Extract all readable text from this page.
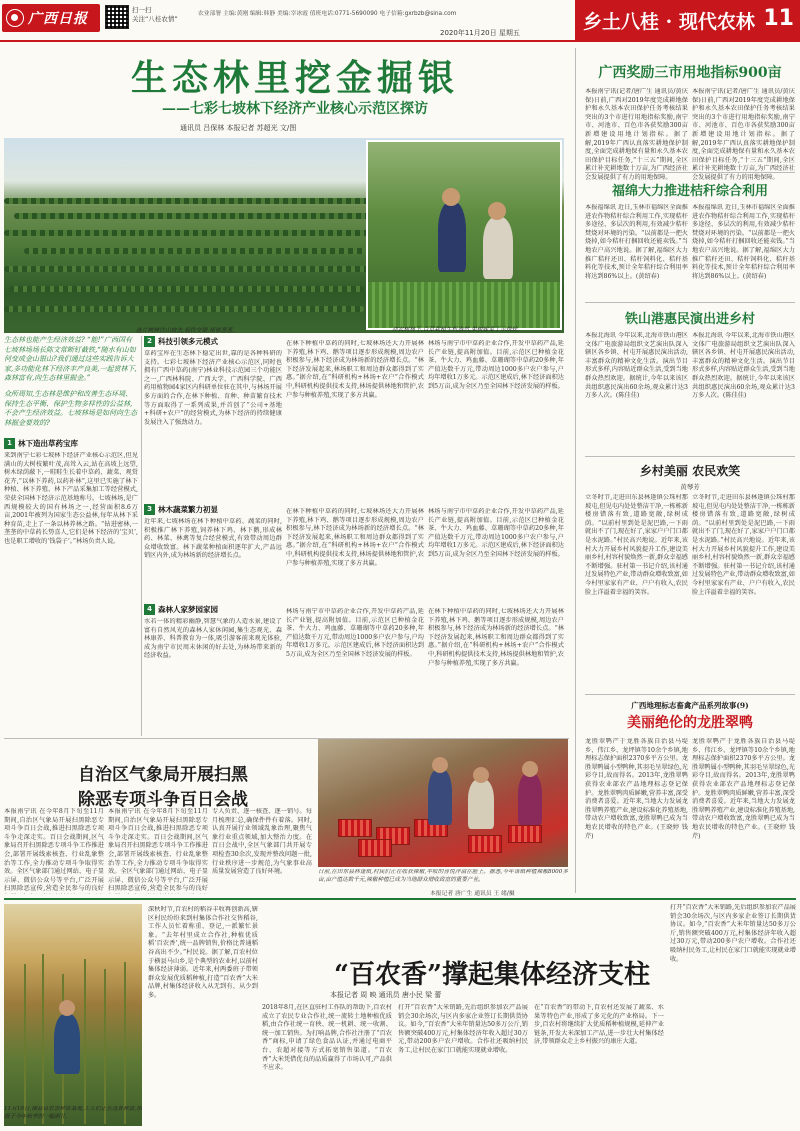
广西日报
扫一扫
关注“八桂农情”
农业部署 主编:黄刚 编辑:韩静 美编:宰冰霞 值班电话:0771-5690090 电子信箱:gxrbzb@sina.com
2020年11月20日 星期五	乡土八桂 · 现代农林 11
生态林里挖金掘银
——七彩七坡林下经济产业核心示范区探访
通讯员 吕保林 本报记者 苏超光 文/图
连片树林往山坡去,起伏交错,郁郁葱葱。	冲农树林下,百草栽植生机盎然,果树嫁菜丁示规轮。
生态林也能产生经济效益? “能!”广西国有七坡林场场长陈文常断钉截铁,“随水有山如何变成金山银山?我们通过这些实践告诉大家,多功能化林下经济丰产良美,一起赏林下,森林富有,向生态林里掘金。”
众所周知,生态林是维护和改善生态环境、保持生态平衡、保护生物多样性的公益林,不会产生经济效益。七坡林场是如何向生态林掘金要效的?
1 林下造出草药宝库
来到南宁七彩七坡林下经济产业核心示范区,但见满山的大树枝繁叶茂,高耸入云,站在高坡上远望,树木绿荫蔽下,一畦畦生长着中草药、蔬菜、观赏花卉,“以林下养药,以药补林”,这里已实施了林下种植、林下养殖、林下产品采集加工等经营模式,荣获全国林下经济示范基地称号。七坡林场,是广西规模较大的国有林场之一,经营面积8.6万亩,2001年被列为国家生态公益林,每年从林下采种育苗,走上了一条以林养林之路。“钻进密林,一垄垄的中草药长势喜人,它们是林下经济的‘宝贝’,也是职工增收的‘钱袋子’。”林场负责人说。
2 科技引领多元模式
草药宝库在生态林下稳定出世,靠的是各种科研的支持。七彩七坡林下经济产业核心示范区,同时也拥有广西中草药(南宁)林业科技示范园三个功能区之一,广西林科院、广西大学、广西科学院、广西药用植物园4家区内科研单位驻在其中,与林场开展多方面的合作,在林下种植、育种、种苗繁育技术等方面取得了一系列成果,并首创了“公司+基地+科研+农户”的经营模式,为林下经济的持续健康发展注入了强劲动力。
在林下种植中草药的同时,七坡林场还大力开展林下养殖,林下鸡、鹅等项目逐步形成规模,周边农户积极参与,林下经济成为林场新的经济增长点。“林下经济发展起来,林场职工和周边群众都得到了实惠。”据介绍,在“科研机构+林场+农户”合作模式中,科研机构提供技术支持,林场提供林地和管护,农户参与种植养殖,实现了多方共赢。
林场与南宁市中草药企业合作,开发中草药产品,延长产业链,提高附加值。目前,示范区已种植金花茶、牛大力、鸡血藤、草珊瑚等中草药20多种,年产值达数千万元,带动周边1000多户农户参与,户均年增收1万多元。示范区建成后,林下经济面积达到5万亩,成为全区乃至全国林下经济发展的样板。
3 林木蔬菜繁力初显
近年来,七坡林场在林下种植中草药、蔬菜的同时,积极推广林下养殖,饲养林下鸡、林下鹅,形成林药、林菜、林禽等复合经营模式,有效带动周边群众增收致富。林下蔬菜种植面积逐年扩大,产品远销区内外,成为林场新的经济增长点。
在林下种植中草药的同时,七坡林场还大力开展林下养殖,林下鸡、鹅等项目逐步形成规模,周边农户积极参与,林下经济成为林场新的经济增长点。“林下经济发展起来,林场职工和周边群众都得到了实惠。”据介绍,在“科研机构+林场+农户”合作模式中,科研机构提供技术支持,林场提供林地和管护,农户参与种植养殖,实现了多方共赢。
林场与南宁市中草药企业合作,开发中草药产品,延长产业链,提高附加值。目前,示范区已种植金花茶、牛大力、鸡血藤、草珊瑚等中草药20多种,年产值达数千万元,带动周边1000多户农户参与,户均年增收1万多元。示范区建成后,林下经济面积达到5万亩,成为全区乃至全国林下经济发展的样板。
4 森林人家梦园家园
水若一体的精彩幽静,智慧气象的人造水景,建设了富有自然风光的森林人家休闲园,集生态观光、森林康养、科普教育为一体,吸引游客前来观光体验,成为南宁市民周末休闲的好去处,为林场带来新的经济收益。
林场与南宁市中草药企业合作,开发中草药产品,延长产业链,提高附加值。目前,示范区已种植金花茶、牛大力、鸡血藤、草珊瑚等中草药20多种,年产值达数千万元,带动周边1000多户农户参与,户均年增收1万多元。示范区建成后,林下经济面积达到5万亩,成为全区乃至全国林下经济发展的样板。
在林下种植中草药的同时,七坡林场还大力开展林下养殖,林下鸡、鹅等项目逐步形成规模,周边农户积极参与,林下经济成为林场新的经济增长点。“林下经济发展起来,林场职工和周边群众都得到了实惠。”据介绍,在“科研机构+林场+农户”合作模式中,科研机构提供技术支持,林场提供林地和管护,农户参与种植养殖,实现了多方共赢。
广西奖励三市用地指标900亩
本报南宁讯(记者/唐广生 通讯员/黄庆保)日前,广西对2019年度完成耕地保护和永久基本农田保护任务考核结果突出的3个市进行用地指标奖励,南宁市、河池市、百色市各获奖励300亩新增建设用地计划指标。据了解,2019年广西认真落实耕地保护制度,全面完成耕地保有量和永久基本农田保护目标任务,“十三五”期间,全区累计补充耕地数十万亩,为广西经济社会发展提供了有力的用地保障。
本报南宁讯(记者/唐广生 通讯员/黄庆保)日前,广西对2019年度完成耕地保护和永久基本农田保护任务考核结果突出的3个市进行用地指标奖励,南宁市、河池市、百色市各获奖励300亩新增建设用地计划指标。据了解,2019年广西认真落实耕地保护制度,全面完成耕地保有量和永久基本农田保护目标任务,“十三五”期间,全区累计补充耕地数十万亩,为广西经济社会发展提供了有力的用地保障。
福绵大力推进桔秆综合利用
本报福绵讯 近日,玉林市福绵区全面推进农作物秸秆综合利用工作,实现秸秆多途径、多层次的利用,有效减少秸秆焚烧对环境的污染。“以前都是一把火烧掉,如今秸秆打捆回收还能卖钱。”当地农户高兴地说。据了解,福绵区大力推广秸秆还田、秸秆饲料化、秸秆基料化等技术,预计全年秸秆综合利用率将达到86%以上。(黄绍春)
本报福绵讯 近日,玉林市福绵区全面推进农作物秸秆综合利用工作,实现秸秆多途径、多层次的利用,有效减少秸秆焚烧对环境的污染。“以前都是一把火烧掉,如今秸秆打捆回收还能卖钱。”当地农户高兴地说。据了解,福绵区大力推广秸秆还田、秸秆饲料化、秸秆基料化等技术,预计全年秸秆综合利用率将达到86%以上。(黄绍春)
铁山港惠民演出进乡村
本报北海讯 今年以来,北海市铁山港区文体广电旅游局组织文艺演出队深入辖区各乡镇、村屯开展惠民演出活动,丰富群众的精神文化生活。演出节目形式多样,内容贴近群众生活,受到当地群众热烈欢迎。据统计,今年以来该区共组织惠民演出60余场,观众累计达3万多人次。(陈佳佳)
本报北海讯 今年以来,北海市铁山港区文体广电旅游局组织文艺演出队深入辖区各乡镇、村屯开展惠民演出活动,丰富群众的精神文化生活。演出节目形式多样,内容贴近群众生活,受到当地群众热烈欢迎。据统计,今年以来该区共组织惠民演出60余场,观众累计达3万多人次。(陈佳佳)
乡村美丽 农民欢笑
黄琴芳
立冬时节,走进田东县林逢镇公珠村那坡屯,但见屯内处处整洁干净,一栋栋新楼房错落有致,道路宽敞,绿树成荫。“以前村里到处是泥巴路,一下雨就出不了门,现在好了,家家户户门口都是水泥路。”村民高兴地说。近年来,该村大力开展乡村风貌提升工作,建设美丽乡村,村容村貌焕然一新,群众幸福感不断增强。驻村第一书记介绍,该村通过发展特色产业,带动群众增收致富,如今村里家家有产业、户户有收入,农民脸上洋溢着幸福的笑容。
立冬时节,走进田东县林逢镇公珠村那坡屯,但见屯内处处整洁干净,一栋栋新楼房错落有致,道路宽敞,绿树成荫。“以前村里到处是泥巴路,一下雨就出不了门,现在好了,家家户户门口都是水泥路。”村民高兴地说。近年来,该村大力开展乡村风貌提升工作,建设美丽乡村,村容村貌焕然一新,群众幸福感不断增强。驻村第一书记介绍,该村通过发展特色产业,带动群众增收致富,如今村里家家有产业、户户有收入,农民脸上洋溢着幸福的笑容。
广西地理标志畜禽产品系列故事(9)
美丽绝伦的龙胜翠鸭
龙胜翠鸭产于龙胜各族自治县马堤乡、伟江乡、龙坪镇等10余个乡镇,地理标志保护面积2370多平方公里。龙胜翠鸭属小型鸭种,其羽毛呈翠绿色,光彩夺目,故而得名。2013年,龙胜翠鸭获得农业部农产品地理标志登记保护。龙胜翠鸭肉质鲜嫩,营养丰富,深受消费者喜爱。近年来,当地大力发展龙胜翠鸭养殖产业,建设标准化养殖基地,带动农户增收致富,龙胜翠鸭已成为当地农民增收的特色产业。(王晓婷 钱芹)
龙胜翠鸭产于龙胜各族自治县马堤乡、伟江乡、龙坪镇等10余个乡镇,地理标志保护面积2370多平方公里。龙胜翠鸭属小型鸭种,其羽毛呈翠绿色,光彩夺目,故而得名。2013年,龙胜翠鸭获得农业部农产品地理标志登记保护。龙胜翠鸭肉质鲜嫩,营养丰富,深受消费者喜爱。近年来,当地大力发展龙胜翠鸭养殖产业,建设标准化养殖基地,带动农户增收致富,龙胜翠鸭已成为当地农民增收的特色产业。(王晓婷 钱芹)
自治区气象局开展扫黑
除恶专项斗争百日会战
本报南宁讯 在今年8月下旬至11月期间,自治区气象局开展扫黑除恶专项斗争百日会战,推进扫黑除恶专项斗争走深走实。百日会战期间,区气象局召开扫黑除恶专项斗争工作推进会,部署开展线索核查、行业乱象整治等工作,全力推动专项斗争取得实效。全区气象部门通过网站、电子显示屏、微信公众号等平台,广泛开展扫黑除恶宣传,营造全民参与的良好
本报南宁讯 在今年8月下旬至11月期间,自治区气象局开展扫黑除恶专项斗争百日会战,推进扫黑除恶专项斗争走深走实。百日会战期间,区气象局召开扫黑除恶专项斗争工作推进会,部署开展线索核查、行业乱象整治等工作,全力推动专项斗争取得实效。全区气象部门通过网站、电子显示屏、微信公众号等平台,广泛开展扫黑除恶宣传,营造全民参与的良好
专人负责、逐一核查、逐一销号。每月梳理汇总,确保件件有着落。同时,认真开展行业领域乱象治理,聚焦气象行业重点领域,加大整治力度。在百日会战中,全区气象部门共开展专项检查30余次,发现并整改问题一批,行业秩序进一步规范,为气象事业高质量发展营造了良好环境。	日前,在田东县林逢镇,村民们正在收获辣椒,丰收的喜悦洋溢在脸上。据悉,今年该镇种植辣椒8000多亩,亩产值达数千元,辣椒种植已成为当地群众增收致富的重要产业。
本报记者 唐广生 通讯员 王 绪/摄
11月10日,横县百农香种苗基地,工人们正在选育秧苗,拍摄于今年秋季的一幅照片,
深秋时节,百农村的稻谷丰收再创新高,辖区村民纷纷来到村集体合作社交售稻谷,工作人员忙着称重、登记,一派繁忙景象。“去年村里成立合作社,种植优质稻‘百农香’,统一品牌销售,价格比普通稻谷高出不少。”村民说。据了解,百农村位于横县马山乡,是个典型的农业村,以前村集体经济薄弱。近年来,村两委班子带领群众发展优质稻种植,打造“百农香”大米品牌,村集体经济收入从无到有、从少到多。
“百农香”撑起集体经济支柱
本报记者 周 映 通讯员 唐小民 梁 蕾
2018年8月,在区直驻村工作队的帮助下,百农村成立了农民专业合作社,统一流转土地种植优质稻,由合作社统一育秧、统一机耕、统一收割、统一加工销售。为打响品牌,合作社注册了“百农香”商标,申请了绿色食品认证,并通过电商平台、农超对接等方式拓宽销售渠道。“百农香”大米凭借优良的品质赢得了市场认可,产品供不应求。
打开“百农香”大米销路,先后组织参加农产品展销会30余场次,与区内多家企业签订长期供货协议。如今,“百农香”大米年销量达50多万公斤,销售额突破400万元,村集体经济年收入超过30万元,带动200多户农户增收。合作社还吸纳村民务工,让村民在家门口就能实现就业增收。
在“百农香”的带动下,百农村还发展了蔬菜、水果等特色产业,形成了多元化的产业格局。下一步,百农村将继续扩大优质稻种植规模,延伸产业链条,开发大米深加工产品,进一步壮大村集体经济,带领群众走上乡村振兴的康庄大道。
打开“百农香”大米销路,先后组织参加农产品展销会30余场次,与区内多家企业签订长期供货协议。如今,“百农香”大米年销量达50多万公斤,销售额突破400万元,村集体经济年收入超过30万元,带动200多户农户增收。合作社还吸纳村民务工,让村民在家门口就能实现就业增收。
